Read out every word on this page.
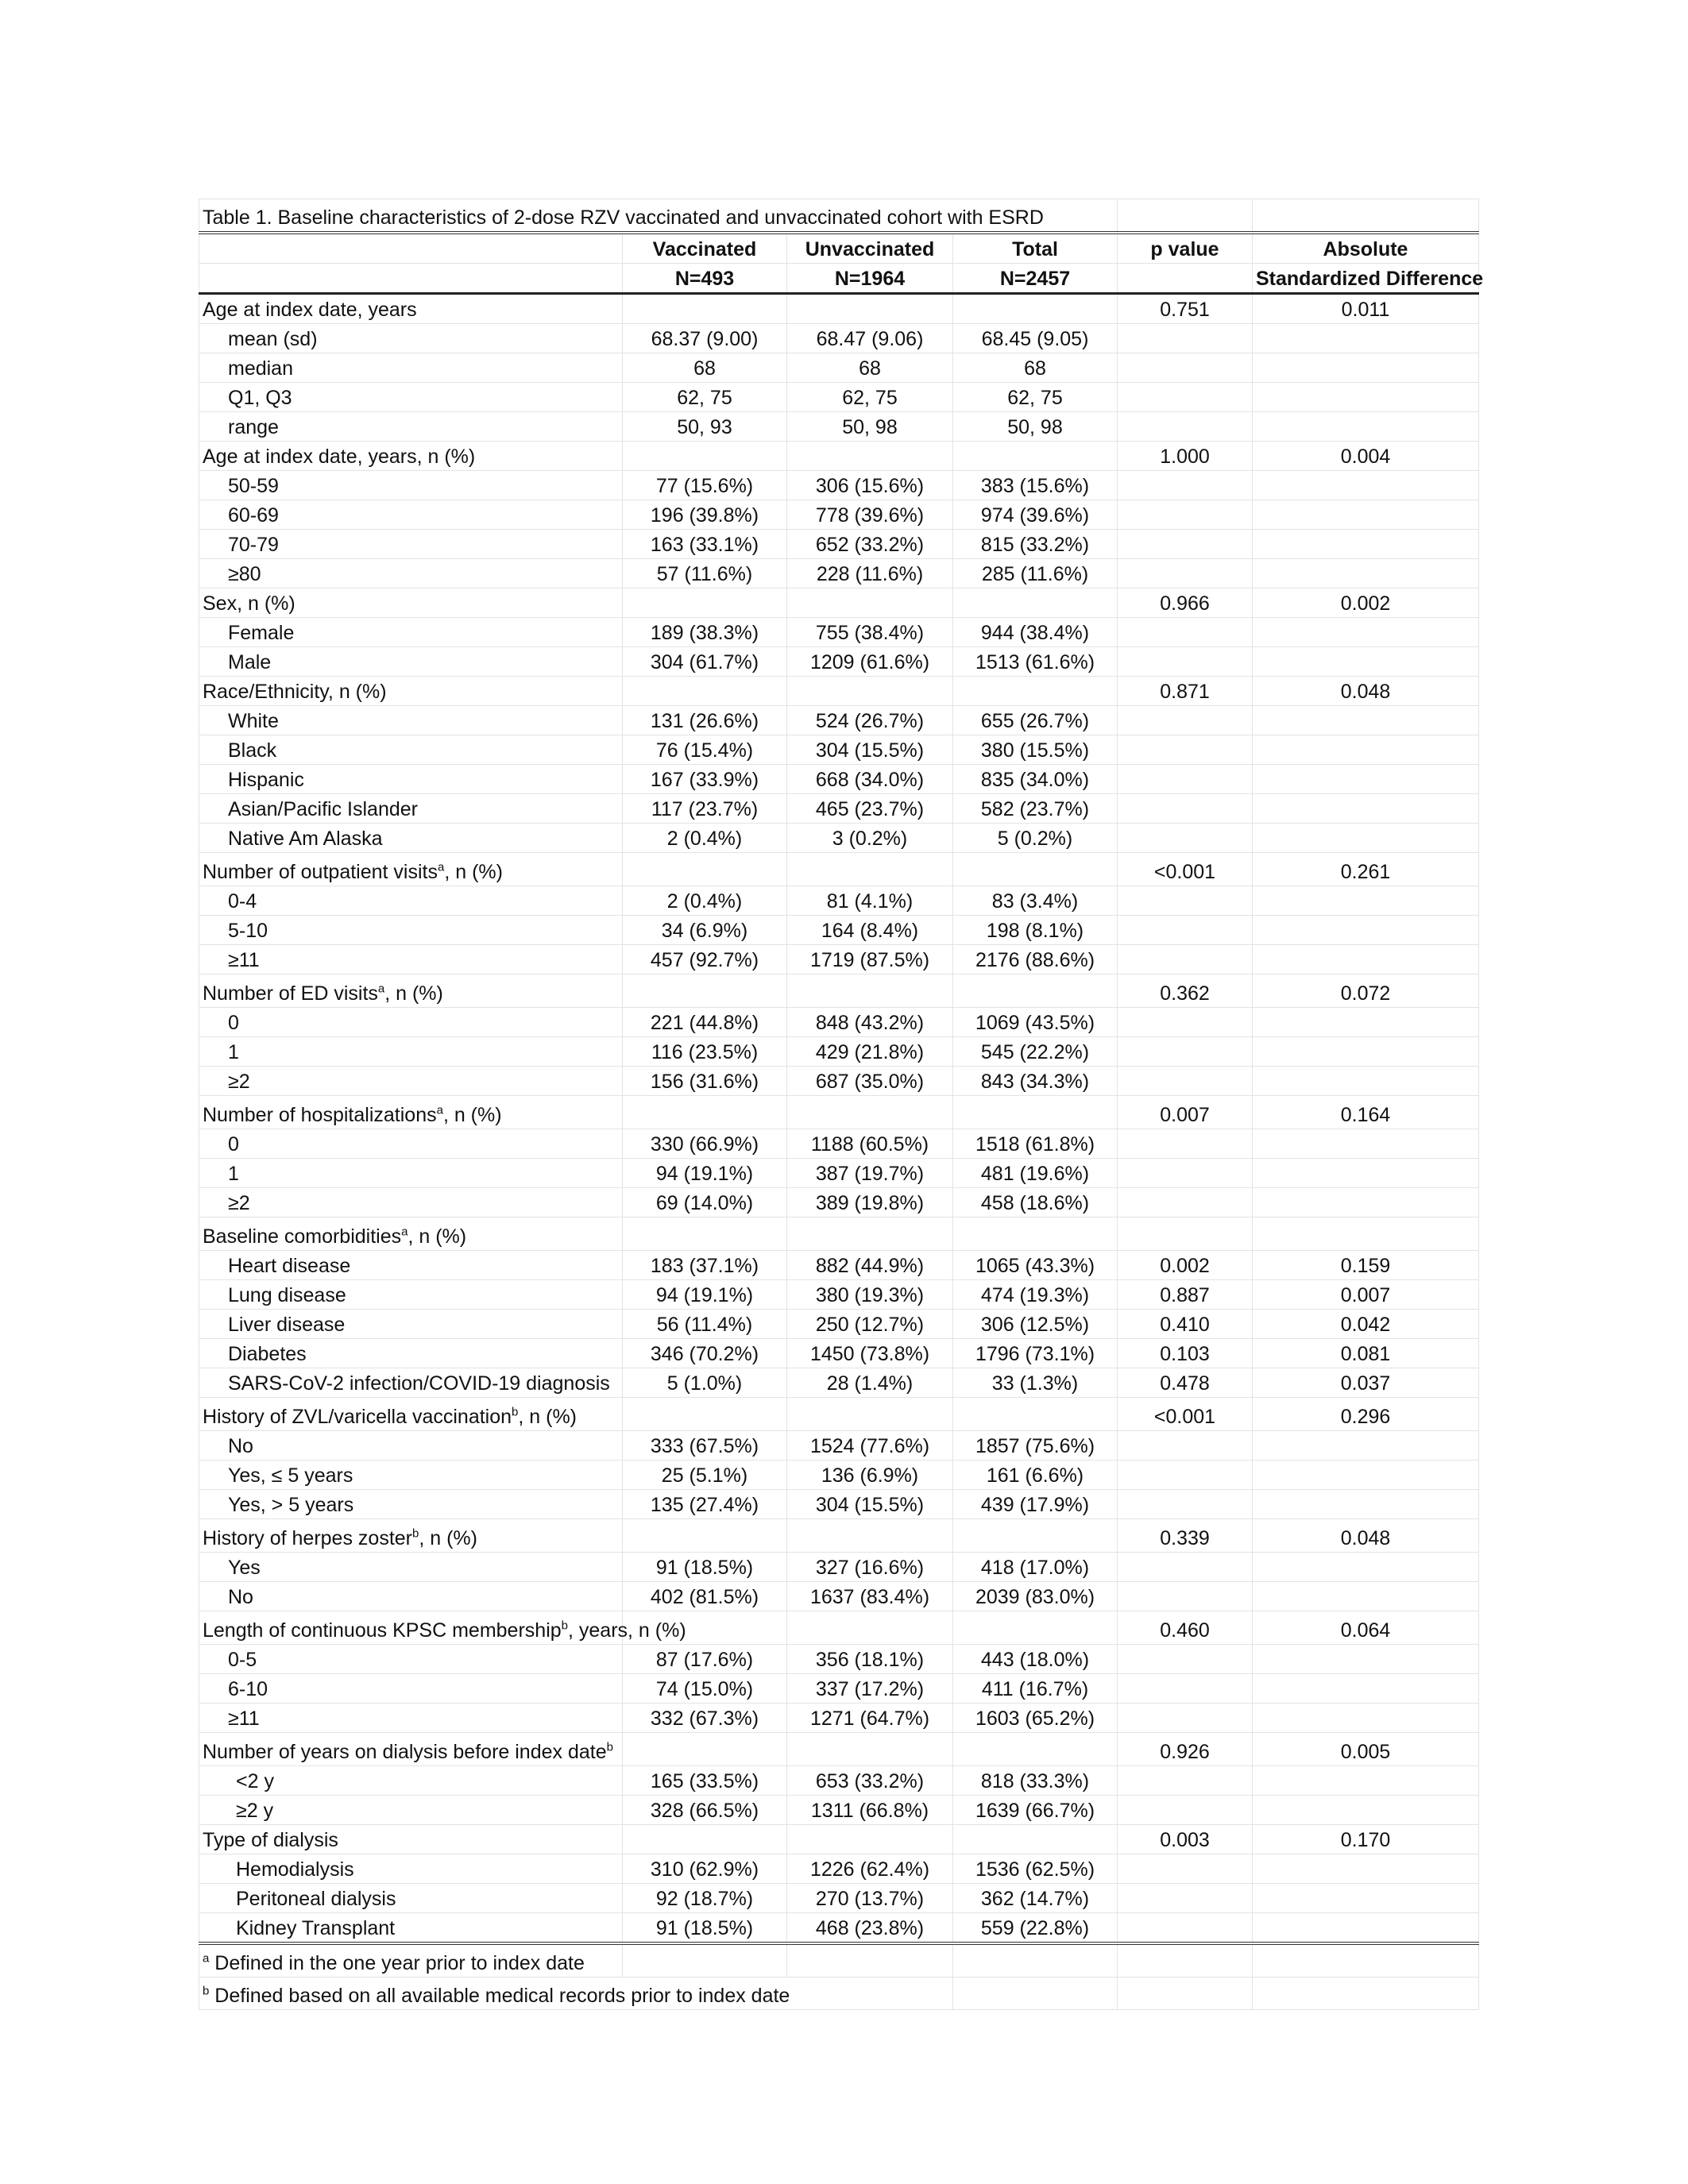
Table 1. Baseline characteristics of 2-dose RZV vaccinated and unvaccinated cohort with ESRD					
	Vaccinated	Unvaccinated	Total	p value	Absolute
	N=493	N=1964	N=2457		Standardized Difference
Age at index date, years				0.751	0.011
mean (sd)	68.37 (9.00)	68.47 (9.06)	68.45 (9.05)		
median	68	68	68		
Q1, Q3	62, 75	62, 75	62, 75		
range	50, 93	50, 98	50, 98		
Age at index date, years, n (%)				1.000	0.004
50-59	77 (15.6%)	306 (15.6%)	383 (15.6%)		
60-69	196 (39.8%)	778 (39.6%)	974 (39.6%)		
70-79	163 (33.1%)	652 (33.2%)	815 (33.2%)		
≥80	57 (11.6%)	228 (11.6%)	285 (11.6%)		
Sex, n (%)				0.966	0.002
Female	189 (38.3%)	755 (38.4%)	944 (38.4%)		
Male	304 (61.7%)	1209 (61.6%)	1513 (61.6%)		
Race/Ethnicity, n (%)				0.871	0.048
White	131 (26.6%)	524 (26.7%)	655 (26.7%)		
Black	76 (15.4%)	304 (15.5%)	380 (15.5%)		
Hispanic	167 (33.9%)	668 (34.0%)	835 (34.0%)		
Asian/Pacific Islander	117 (23.7%)	465 (23.7%)	582 (23.7%)		
Native Am Alaska	2 (0.4%)	3 (0.2%)	5 (0.2%)		
Number of outpatient visits$^a$, n (%)				<0.001	0.261
0-4	2 (0.4%)	81 (4.1%)	83 (3.4%)		
5-10	34 (6.9%)	164 (8.4%)	198 (8.1%)		
≥11	457 (92.7%)	1719 (87.5%)	2176 (88.6%)		
Number of ED visits$^a$, n (%)				0.362	0.072
0	221 (44.8%)	848 (43.2%)	1069 (43.5%)		
1	116 (23.5%)	429 (21.8%)	545 (22.2%)		
≥2	156 (31.6%)	687 (35.0%)	843 (34.3%)		
Number of hospitalizations$^a$, n (%)				0.007	0.164
0	330 (66.9%)	1188 (60.5%)	1518 (61.8%)		
1	94 (19.1%)	387 (19.7%)	481 (19.6%)		
≥2	69 (14.0%)	389 (19.8%)	458 (18.6%)		
Baseline comorbidities$^a$, n (%)					
Heart disease	183 (37.1%)	882 (44.9%)	1065 (43.3%)	0.002	0.159
Lung disease	94 (19.1%)	380 (19.3%)	474 (19.3%)	0.887	0.007
Liver disease	56 (11.4%)	250 (12.7%)	306 (12.5%)	0.410	0.042
Diabetes	346 (70.2%)	1450 (73.8%)	1796 (73.1%)	0.103	0.081
SARS-CoV-2 infection/COVID-19 diagnosis	5 (1.0%)	28 (1.4%)	33 (1.3%)	0.478	0.037
History of ZVL/varicella vaccination$^b$, n (%)				<0.001	0.296
No	333 (67.5%)	1524 (77.6%)	1857 (75.6%)		
Yes, ≤ 5 years	25 (5.1%)	136 (6.9%)	161 (6.6%)		
Yes, > 5 years	135 (27.4%)	304 (15.5%)	439 (17.9%)		
History of herpes zoster$^b$, n (%)				0.339	0.048
Yes	91 (18.5%)	327 (16.6%)	418 (17.0%)		
No	402 (81.5%)	1637 (83.4%)	2039 (83.0%)		
Length of continuous KPSC membership$^b$, years, n (%)				0.460	0.064
0-5	87 (17.6%)	356 (18.1%)	443 (18.0%)		
6-10	74 (15.0%)	337 (17.2%)	411 (16.7%)		
≥11	332 (67.3%)	1271 (64.7%)	1603 (65.2%)		
Number of years on dialysis before index date$^b$				0.926	0.005
<2 y	165 (33.5%)	653 (33.2%)	818 (33.3%)		
≥2 y	328 (66.5%)	1311 (66.8%)	1639 (66.7%)		
Type of dialysis				0.003	0.170
Hemodialysis	310 (62.9%)	1226 (62.4%)	1536 (62.5%)		
Peritoneal dialysis	92 (18.7%)	270 (13.7%)	362 (14.7%)		
Kidney Transplant	91 (18.5%)	468 (23.8%)	559 (22.8%)		
$^a$ Defined in the one year prior to index date					
$^b$ Defined based on all available medical records prior to index date					
